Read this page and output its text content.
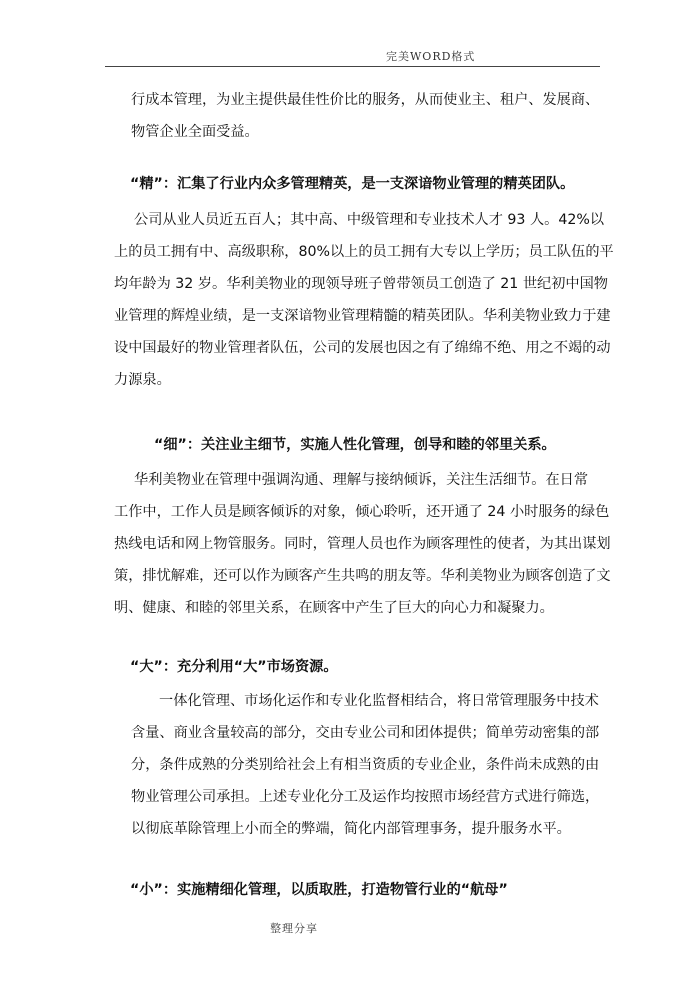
完美WORD格式
行成本管理，为业主提供最佳性价比的服务，从而使业主、租户、发展商、
物管企业全面受益。
“精”：汇集了行业内众多管理精英，是一支深谙物业管理的精英团队。
公司从业人员近五百人；其中高、中级管理和专业技术人才 93 人。42%以
上的员工拥有中、高级职称，80%以上的员工拥有大专以上学历；员工队伍的平
均年龄为 32 岁。华利美物业的现领导班子曾带领员工创造了 21 世纪初中国物
业管理的辉煌业绩，是一支深谙物业管理精髓的精英团队。华利美物业致力于建
设中国最好的物业管理者队伍，公司的发展也因之有了绵绵不绝、用之不竭的动
力源泉。
“细”：关注业主细节，实施人性化管理，创导和睦的邻里关系。
华利美物业在管理中强调沟通、理解与接纳倾诉，关注生活细节。在日常
工作中，工作人员是顾客倾诉的对象，倾心聆听，还开通了 24 小时服务的绿色
热线电话和网上物管服务。同时，管理人员也作为顾客理性的使者，为其出谋划
策，排忧解难，还可以作为顾客产生共鸣的朋友等。华利美物业为顾客创造了文
明、健康、和睦的邻里关系，在顾客中产生了巨大的向心力和凝聚力。
“大”：充分利用“大”市场资源。
一体化管理、市场化运作和专业化监督相结合，将日常管理服务中技术
含量、商业含量较高的部分，交由专业公司和团体提供；简单劳动密集的部
分，条件成熟的分类别给社会上有相当资质的专业企业，条件尚未成熟的由
物业管理公司承担。上述专业化分工及运作均按照市场经营方式进行筛选，
以彻底革除管理上小而全的弊端，简化内部管理事务，提升服务水平。
“小”：实施精细化管理，以质取胜，打造物管行业的“航母”
整理分享
